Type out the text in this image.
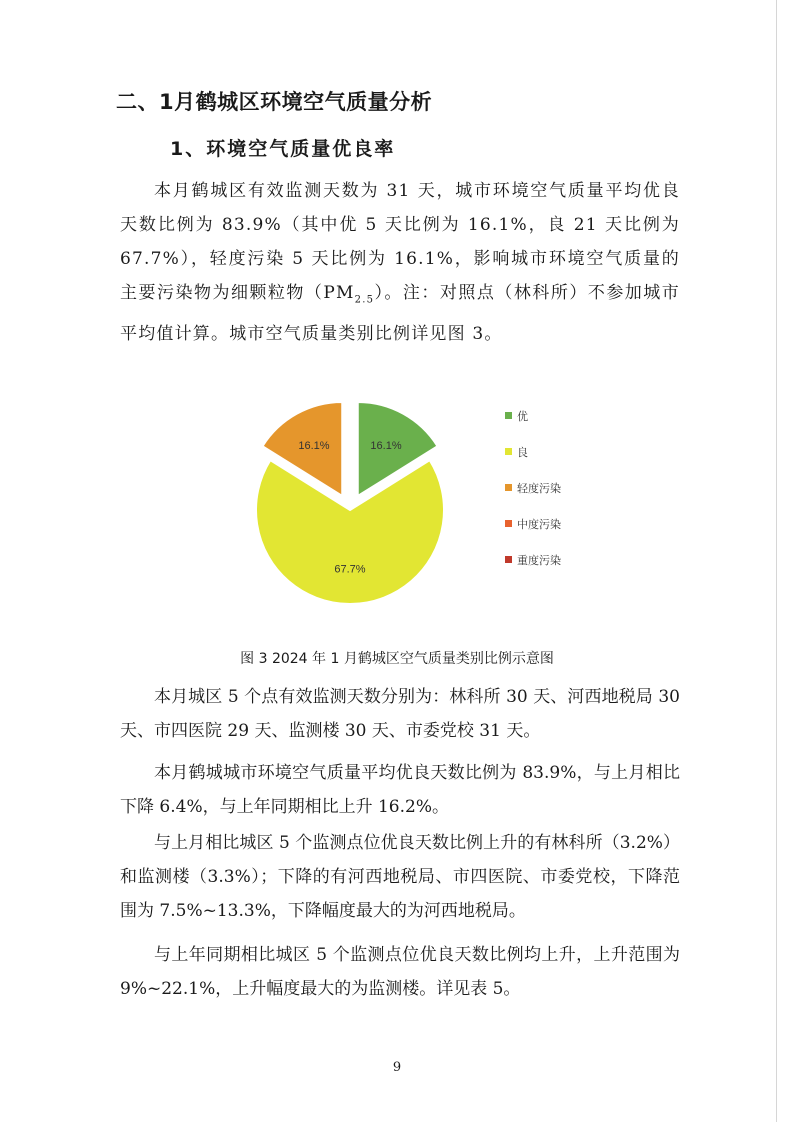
二、1月鹤城区环境空气质量分析
1、环境空气质量优良率

本月鹤城区有效监测天数为 31 天，城市环境空气质量平均优良天数比例为 83.9%（其中优 5 天比例为 16.1%，良 21 天比例为 67.7%），轻度污染 5 天比例为 16.1%，影响城市环境空气质量的主要污染物为细颗粒物$(PM_{2.5})$。注：对照点（林科所）不参加城市平均值计算。城市空气质量类别比例详见图 3。

16.1%
67.7%
16.1%
优
良
轻度污染
中度污染
重度污染
图 3 2024 年 1 月鹤城区空气质量类别比例示意图

本月城区 5 个点有效监测天数分别为：林科所 30 天、河西地税局 30 天、市四医院 29 天、监测楼 30 天、市委党校 31 天。

本月鹤城城市环境空气质量平均优良天数比例为 83.9%，与上月相比下降 6.4%，与上年同期相比上升 16.2%。

与上月相比城区 5 个监测点位优良天数比例上升的有林科所（3.2%）和监测楼（3.3%）；下降的有河西地税局、市四医院、市委党校，下降范围为 7.5%~13.3%，下降幅度最大的为河西地税局。

与上年同期相比城区 5 个监测点位优良天数比例均上升，上升范围为 9%~22.1%，上升幅度最大的为监测楼。详见表 5。

9
